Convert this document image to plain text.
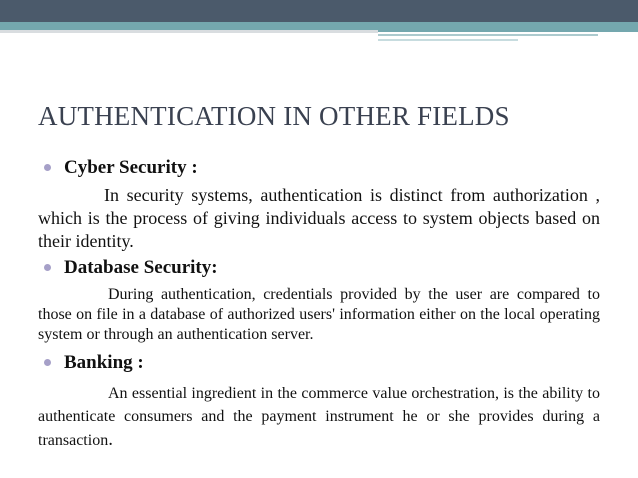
AUTHENTICATION IN OTHER FIELDS
Cyber Security :
In security systems, authentication is distinct from authorization , which is the process of giving individuals access to system objects based on their identity.
Database Security:
During authentication, credentials provided by the user are compared to those on file in a database of authorized users' information either on the local operating system or through an authentication server.
Banking :
An essential ingredient in the commerce value orchestration, is the ability to authenticate consumers and the payment instrument he or she provides during a transaction.
